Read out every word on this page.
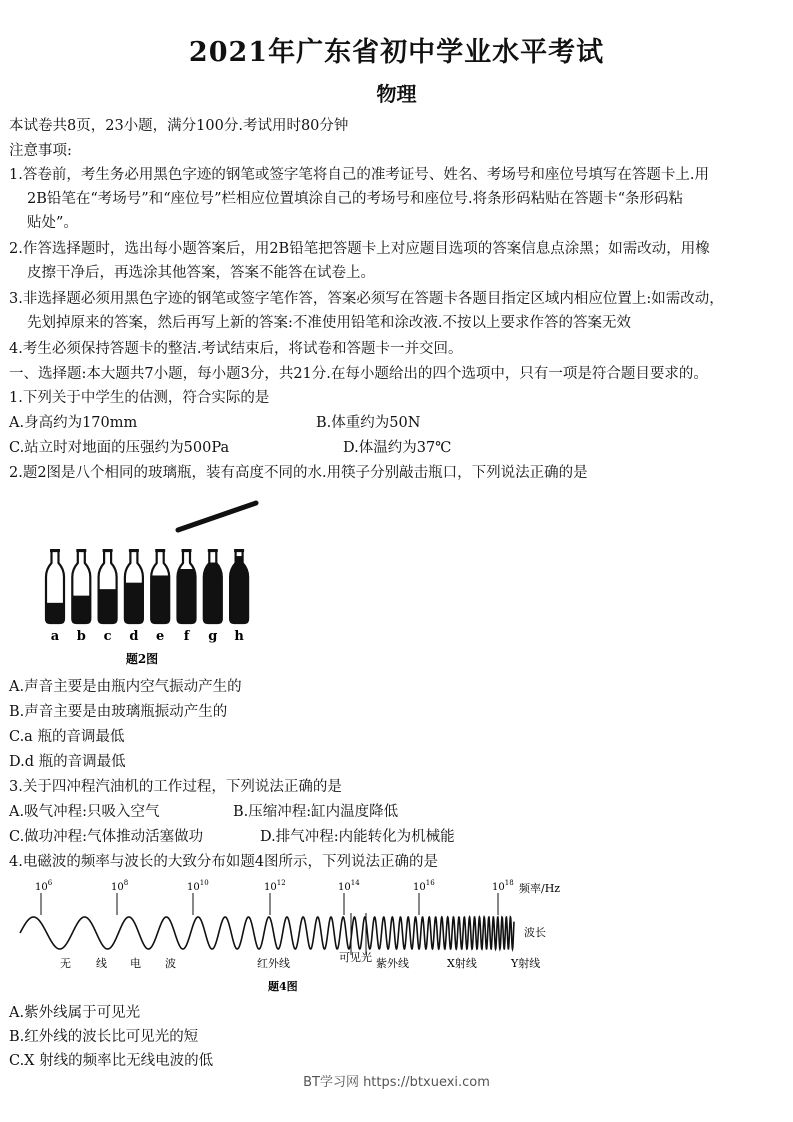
2021年广东省初中学业水平考试
物理
本试卷共8页，23小题，满分100分.考试用时80分钟
注意事项:
1.答卷前，考生务必用黑色字迹的钢笔或签字笔将自己的准考证号、姓名、考场号和座位号填写在答题卡上.用
2B铅笔在“考场号”和“座位号”栏相应位置填涂自己的考场号和座位号.将条形码粘贴在答题卡“条形码粘
贴处”。
2.作答选择题时，选出每小题答案后，用2B铅笔把答题卡上对应题目选项的答案信息点涂黑；如需改动，用橡
皮擦干净后，再选涂其他答案，答案不能答在试卷上。
3.非选择题必须用黑色字迹的钢笔或签字笔作答，答案必须写在答题卡各题目指定区域内相应位置上:如需改动，
先划掉原来的答案，然后再写上新的答案:不准使用铅笔和涂改液.不按以上要求作答的答案无效
4.考生必须保持答题卡的整洁.考试结束后，将试卷和答题卡一并交回。
一、选择题:本大题共7小题，每小题3分，共21分.在每小题给出的四个选项中，只有一项是符合题目要求的。
1.下列关于中学生的估测，符合实际的是
A.身高约为170mm	B.体重约为50N
C.站立时对地面的压强约为500Pa	D.体温约为37℃
2.题2图是八个相同的玻璃瓶，装有高度不同的水.用筷子分别敲击瓶口，下列说法正确的是
a b c d e f g h
题2图
A.声音主要是由瓶内空气振动产生的
B.声音主要是由玻璃瓶振动产生的
C.a 瓶的音调最低
D.d 瓶的音调最低
3.关于四冲程汽油机的工作过程，下列说法正确的是
A.吸气冲程:只吸入空气	B.压缩冲程:缸内温度降低
C.做功冲程:气体推动活塞做功	D.排气冲程:内能转化为机械能
4.电磁波的频率与波长的大致分布如题4图所示，下列说法正确的是
$10^6$	$10^8$	$10^{10}$	$10^{12}$	$10^{14}$	$10^{16}$	$10^{18}$ 频率/Hz
波长
无 线 电 波	红外线	可见光 紫外线	X射线	Y射线
题4图
A.紫外线属于可见光
B.红外线的波长比可见光的短
C.X 射线的频率比无线电波的低
BT学习网 https://btxuexi.com
